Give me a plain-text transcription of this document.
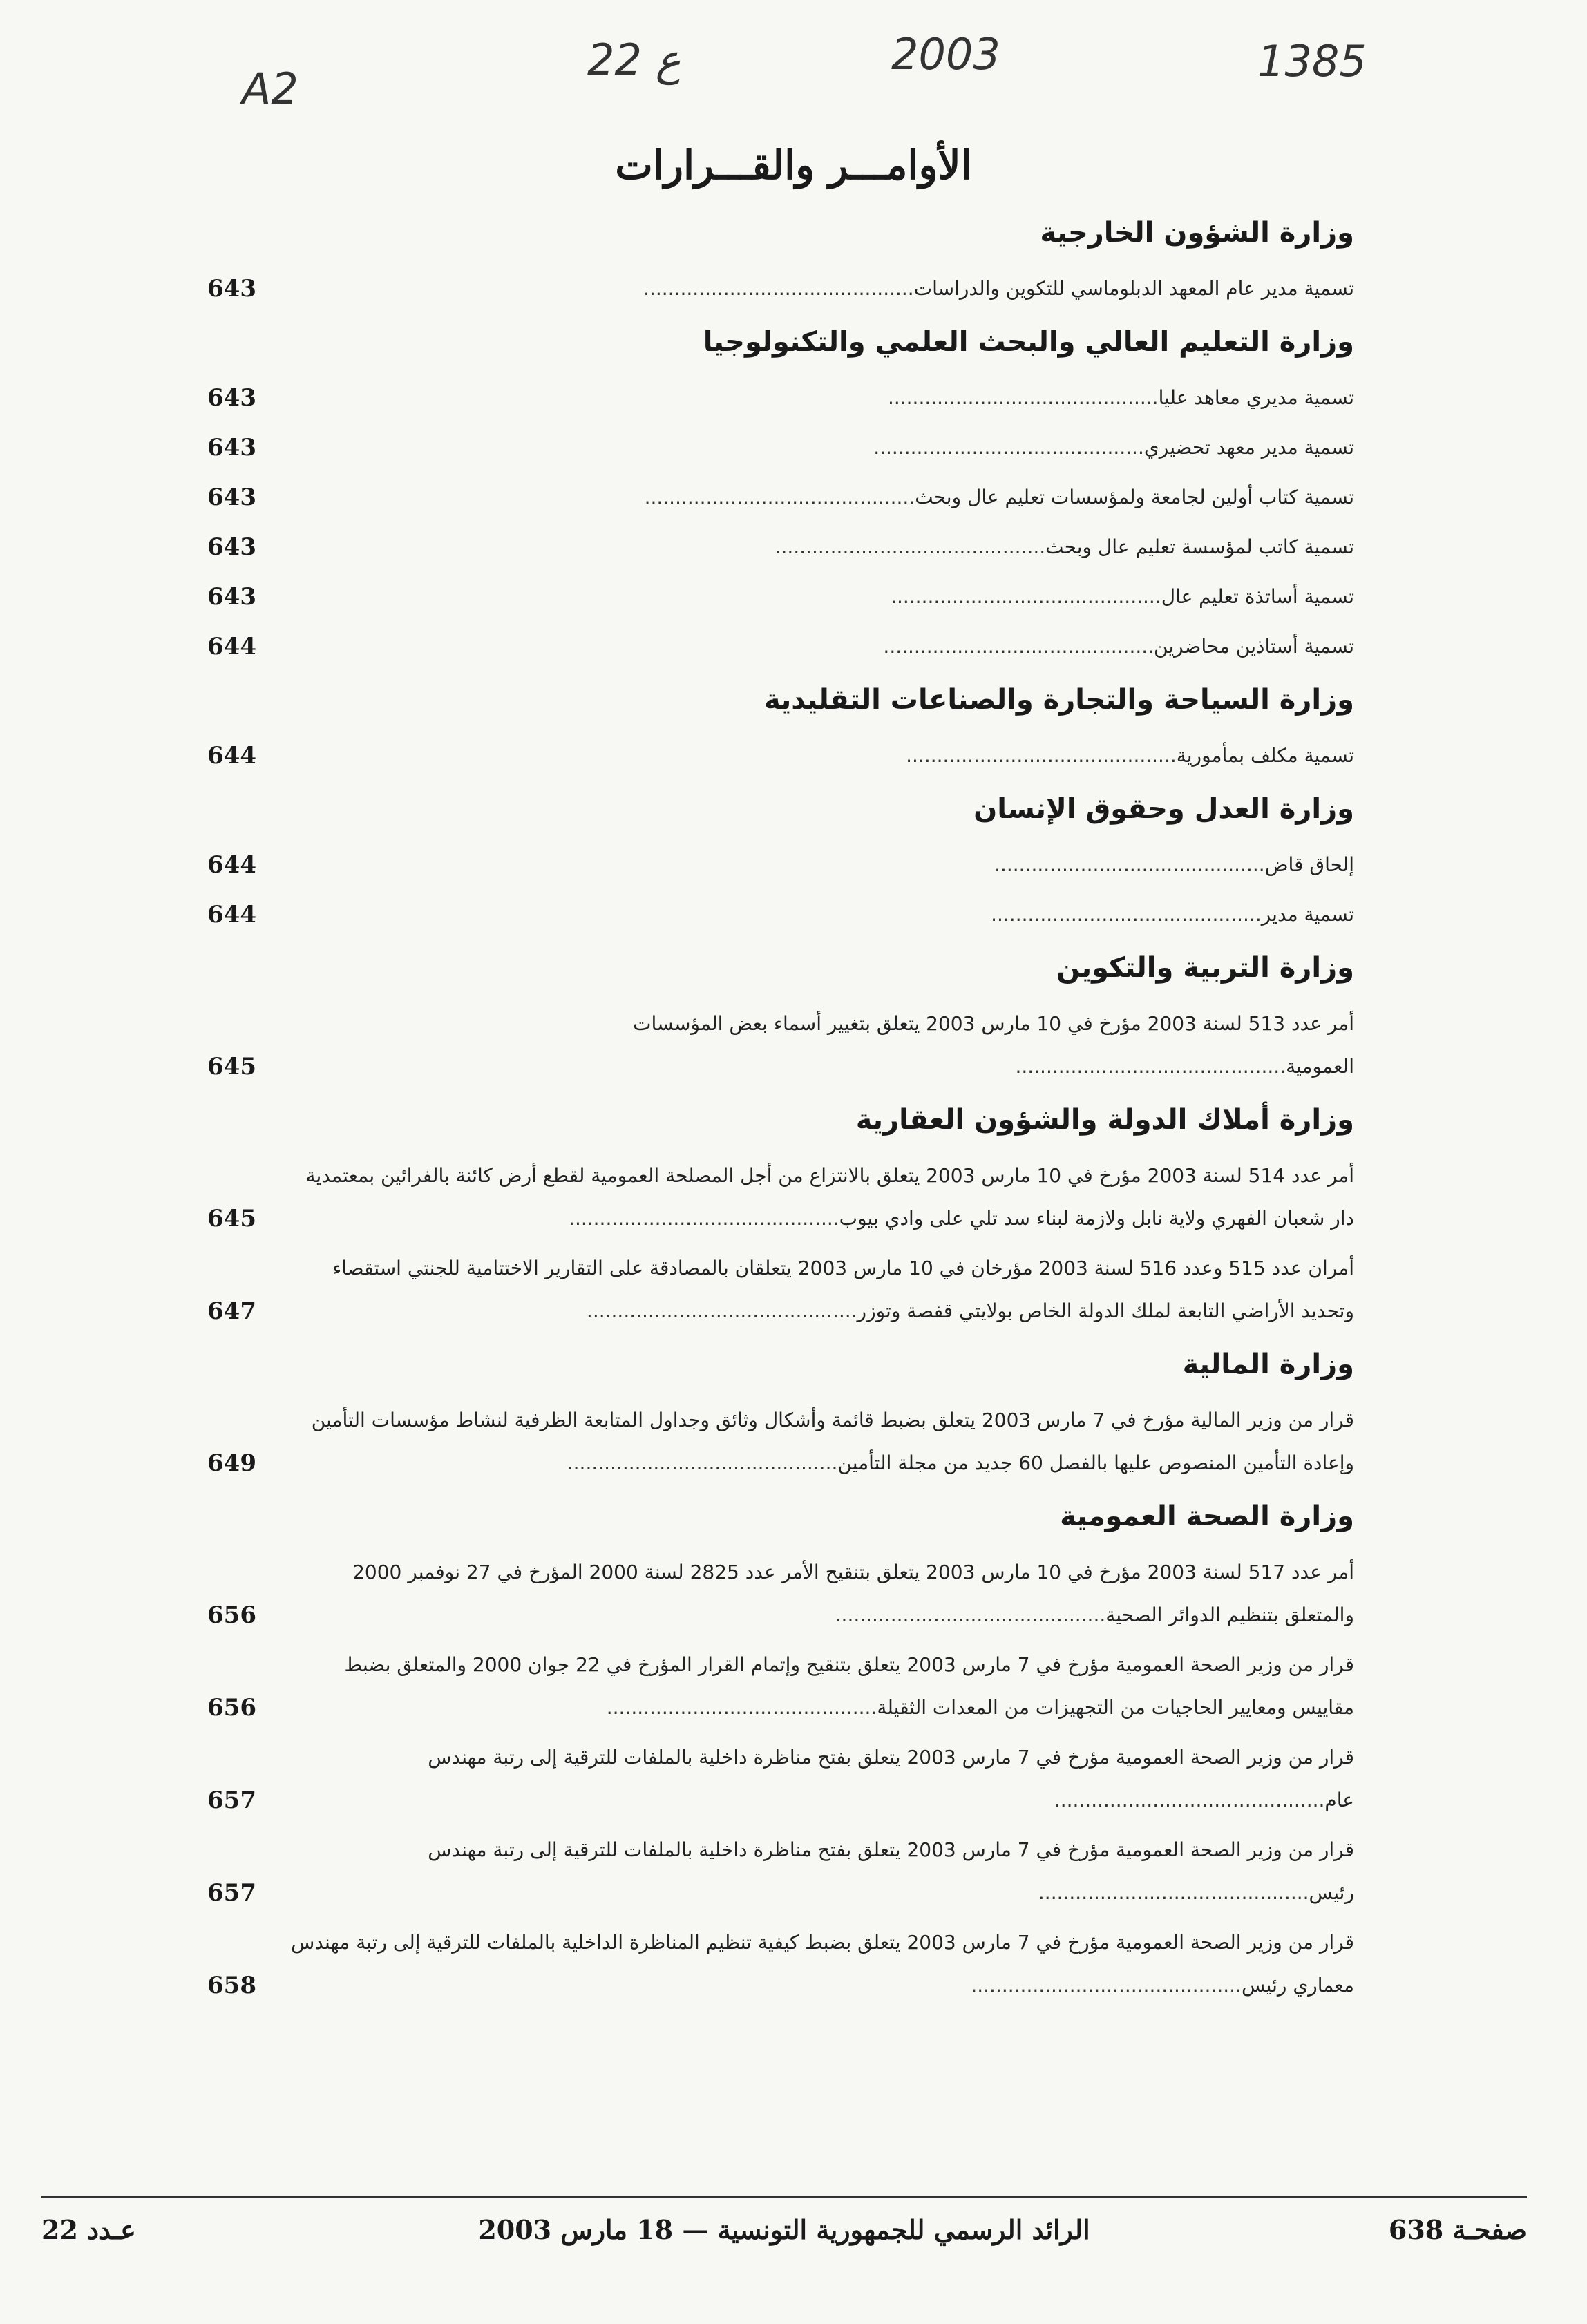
A2
22 ع	2003	1385
الأوامـــر والقـــرارات
وزارة الشؤون الخارجية
تسمية مدير عام المعهد الدبلوماسي للتكوين والدراسات............................................
643
وزارة التعليم العالي والبحث العلمي والتكنولوجيا
تسمية مديري معاهد عليا............................................
643
تسمية مدير معهد تحضيري............................................
643
تسمية كتاب أولين لجامعة ولمؤسسات تعليم عال وبحث............................................
643
تسمية كاتب لمؤسسة تعليم عال وبحث............................................
643
تسمية أساتذة تعليم عال............................................
643
تسمية أستاذين محاضرين............................................
644
وزارة السياحة والتجارة والصناعات التقليدية
تسمية مكلف بمأمورية............................................
644
وزارة العدل وحقوق الإنسان
إلحاق قاض............................................
644
تسمية مدير............................................
644
وزارة التربية والتكوين
أمر عدد 513 لسنة 2003 مؤرخ في 10 مارس 2003 يتعلق بتغيير أسماء بعض المؤسسات العمومية............................................
645
وزارة أملاك الدولة والشؤون العقارية
أمر عدد 514 لسنة 2003 مؤرخ في 10 مارس 2003 يتعلق بالانتزاع من أجل المصلحة العمومية لقطع أرض كائنة بالفرائين بمعتمدية دار شعبان الفهري ولاية نابل ولازمة لبناء سد تلي على وادي بيوب............................................
645
أمران عدد 515 وعدد 516 لسنة 2003 مؤرخان في 10 مارس 2003 يتعلقان بالمصادقة على التقارير الاختتامية للجنتي استقصاء وتحديد الأراضي التابعة لملك الدولة الخاص بولايتي قفصة وتوزر............................................
647
وزارة المالية
قرار من وزير المالية مؤرخ في 7 مارس 2003 يتعلق بضبط قائمة وأشكال وثائق وجداول المتابعة الظرفية لنشاط مؤسسات التأمين وإعادة التأمين المنصوص عليها بالفصل 60 جديد من مجلة التأمين............................................
649
وزارة الصحة العمومية
أمر عدد 517 لسنة 2003 مؤرخ في 10 مارس 2003 يتعلق بتنقيح الأمر عدد 2825 لسنة 2000 المؤرخ في 27 نوفمبر 2000 والمتعلق بتنظيم الدوائر الصحية............................................
656
قرار من وزير الصحة العمومية مؤرخ في 7 مارس 2003 يتعلق بتنقيح وإتمام القرار المؤرخ في 22 جوان 2000 والمتعلق بضبط مقاييس ومعايير الحاجيات من التجهيزات من المعدات الثقيلة............................................
656
قرار من وزير الصحة العمومية مؤرخ في 7 مارس 2003 يتعلق بفتح مناظرة داخلية بالملفات للترقية إلى رتبة مهندس عام............................................
657
قرار من وزير الصحة العمومية مؤرخ في 7 مارس 2003 يتعلق بفتح مناظرة داخلية بالملفات للترقية إلى رتبة مهندس رئيس............................................
657
قرار من وزير الصحة العمومية مؤرخ في 7 مارس 2003 يتعلق بضبط كيفية تنظيم المناظرة الداخلية بالملفات للترقية إلى رتبة مهندس معماري رئيس............................................
658
صفحـة 638
الرائد الرسمي للجمهورية التونسية — 18 مارس 2003
عـدد 22
